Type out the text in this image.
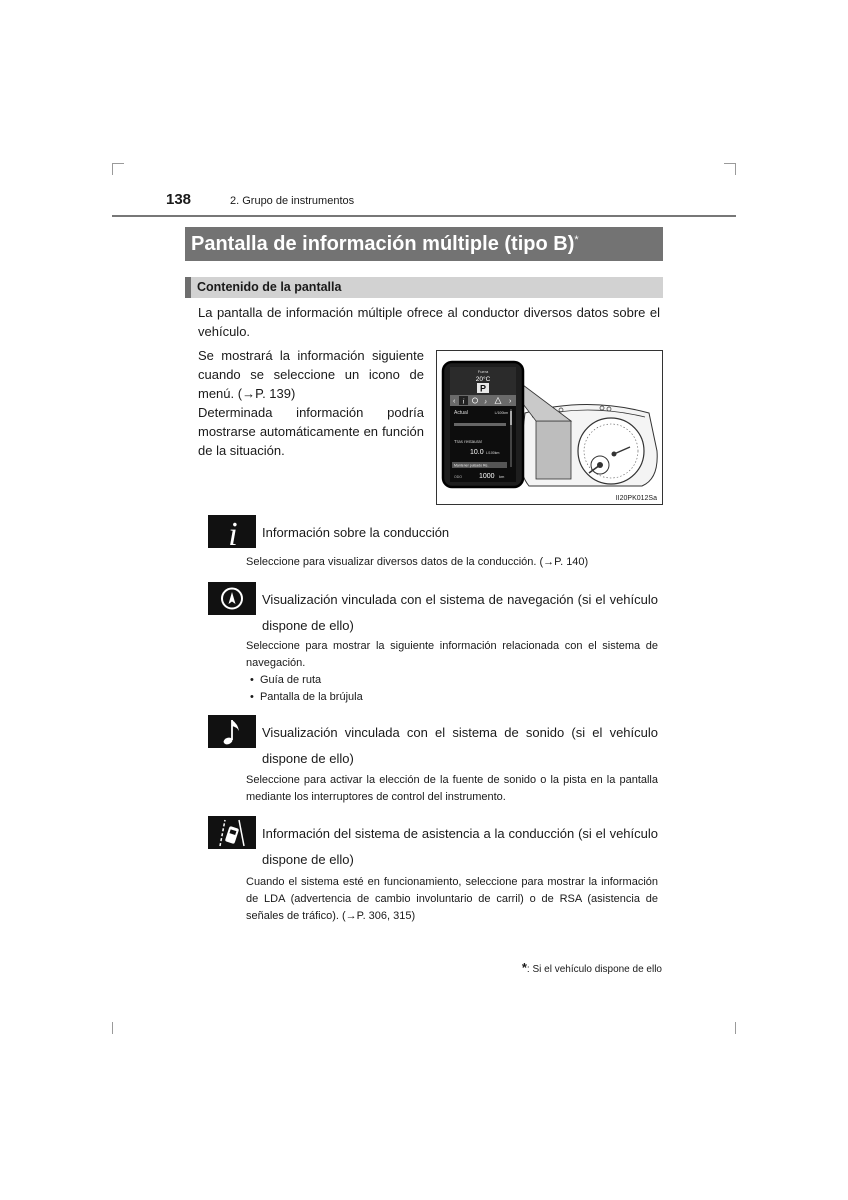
138	2. Grupo de instrumentos
Pantalla de información múltiple (tipo B)*
Contenido de la pantalla
La pantalla de información múltiple ofrece al conductor diversos datos sobre el vehículo.
Se mostrará la información siguiente cuando se seleccione un icono de menú. (→P. 139)
Determinada información podría mostrarse automáticamente en función de la situación.
Fuera
20°C
P
‹ i	♪	›
Actual	L/100km
Tras restaurar
10.0 L/100km
Mantener pulsado Re.
ODO 1000 km
II20PK012Sa
i Información sobre la conducción
Seleccione para visualizar diversos datos de la conducción. (→P. 140)
Visualización vinculada con el sistema de navegación (si el vehículo dispone de ello)
Seleccione para mostrar la siguiente información relacionada con el sistema de navegación.
•  Guía de ruta
•  Pantalla de la brújula
Visualización vinculada con el sistema de sonido (si el vehículo dispone de ello)
Seleccione para activar la elección de la fuente de sonido o la pista en la pantalla mediante los interruptores de control del instrumento.
Información del sistema de asistencia a la conducción (si el vehículo dispone de ello)
Cuando el sistema esté en funcionamiento, seleccione para mostrar la información de LDA (advertencia de cambio involuntario de carril) o de RSA (asistencia de señales de tráfico). (→P. 306, 315)
*: Si el vehículo dispone de ello
